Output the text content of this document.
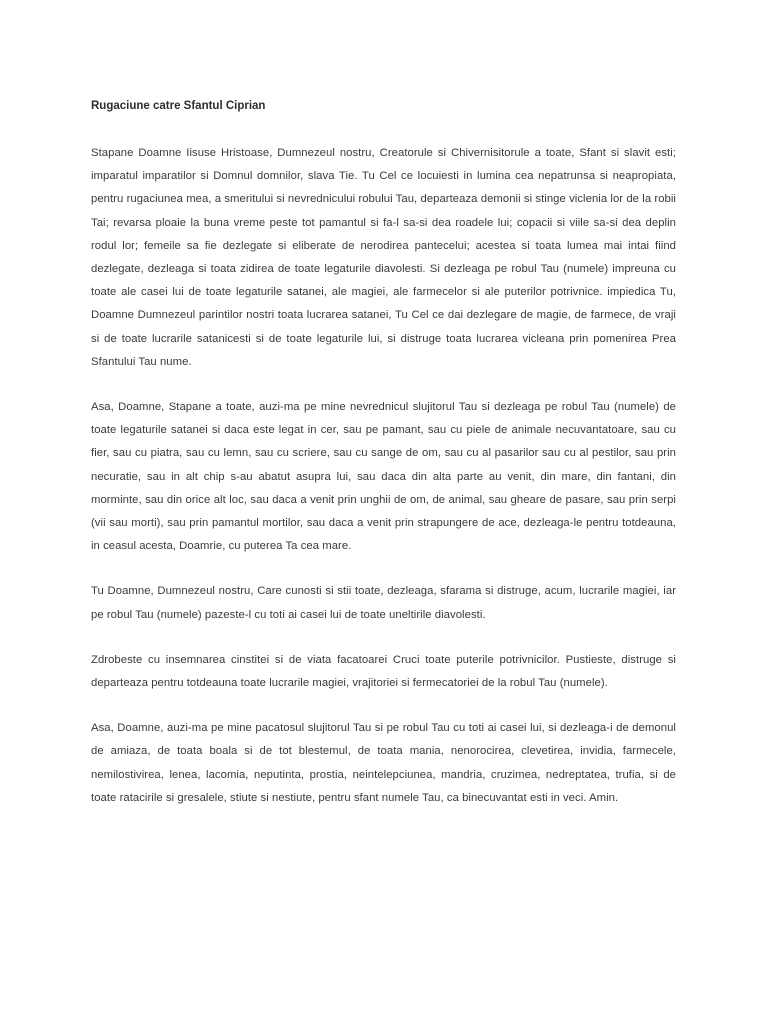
Rugaciune catre Sfantul Ciprian

Stapane Doamne Iisuse Hristoase, Dumnezeul nostru, Creatorule si Chivernisitorule a toate, Sfant si slavit esti; imparatul imparatilor si Domnul domnilor, slava Tie. Tu Cel ce locuiesti in lumina cea nepatrunsa si neapropiata, pentru rugaciunea mea, a smeritului si nevrednicului robului Tau, departeaza demonii si stinge viclenia lor de la robii Tai; revarsa ploaie la buna vreme peste tot pamantul si fa-l sa-si dea roadele lui; copacii si viile sa-si dea deplin rodul lor; femeile sa fie dezlegate si eliberate de nerodirea pantecelui; acestea si toata lumea mai intai fiind dezlegate, dezleaga si toata zidirea de toate legaturile diavolesti. Si dezleaga pe robul Tau (numele) impreuna cu toate ale casei lui de toate legaturile satanei, ale magiei, ale farmecelor si ale puterilor potrivnice. impiedica Tu, Doamne Dumnezeul parintilor nostri toata lucrarea satanei, Tu Cel ce dai dezlegare de magie, de farmece, de vraji si de toate lucrarile satanicesti si de toate legaturile lui, si distruge toata lucrarea vicleana prin pomenirea Prea Sfantului Tau nume.

Asa, Doamne, Stapane a toate, auzi-ma pe mine nevrednicul slujitorul Tau si dezleaga pe robul Tau (numele) de toate legaturile satanei si daca este legat in cer, sau pe pamant, sau cu piele de animale necuvantatoare, sau cu fier, sau cu piatra, sau cu lemn, sau cu scriere, sau cu sange de om, sau cu al pasarilor sau cu al pestilor, sau prin necuratie, sau in alt chip s-au abatut asupra lui, sau daca din alta parte au venit, din mare, din fantani, din morminte, sau din orice alt loc, sau daca a venit prin unghii de om, de animal, sau gheare de pasare, sau prin serpi (vii sau morti), sau prin pamantul mortilor, sau daca a venit prin strapungere de ace, dezleaga-le pentru totdeauna, in ceasul acesta, Doamrie, cu puterea Ta cea mare.

Tu Doamne, Dumnezeul nostru, Care cunosti si stii toate, dezleaga, sfarama si distruge, acum, lucrarile magiei, iar pe robul Tau (numele) pazeste-l cu toti ai casei lui de toate uneltirile diavolesti.

Zdrobeste cu insemnarea cinstitei si de viata facatoarei Cruci toate puterile potrivnicilor. Pustieste, distruge si departeaza pentru totdeauna toate lucrarile magiei, vrajitoriei si fermecatoriei de la robul Tau (numele).

Asa, Doamne, auzi-ma pe mine pacatosul slujitorul Tau si pe robul Tau cu toti ai casei lui, si dezleaga-i de demonul de amiaza, de toata boala si de tot blestemul, de toata mania, nenorocirea, clevetirea, invidia, farmecele, nemilostivirea, lenea, lacomia, neputinta, prostia, neintelepciunea, mandria, cruzimea, nedreptatea, trufia, si de toate ratacirile si gresalele, stiute si nestiute, pentru sfant numele Tau, ca binecuvantat esti in veci. Amin.
